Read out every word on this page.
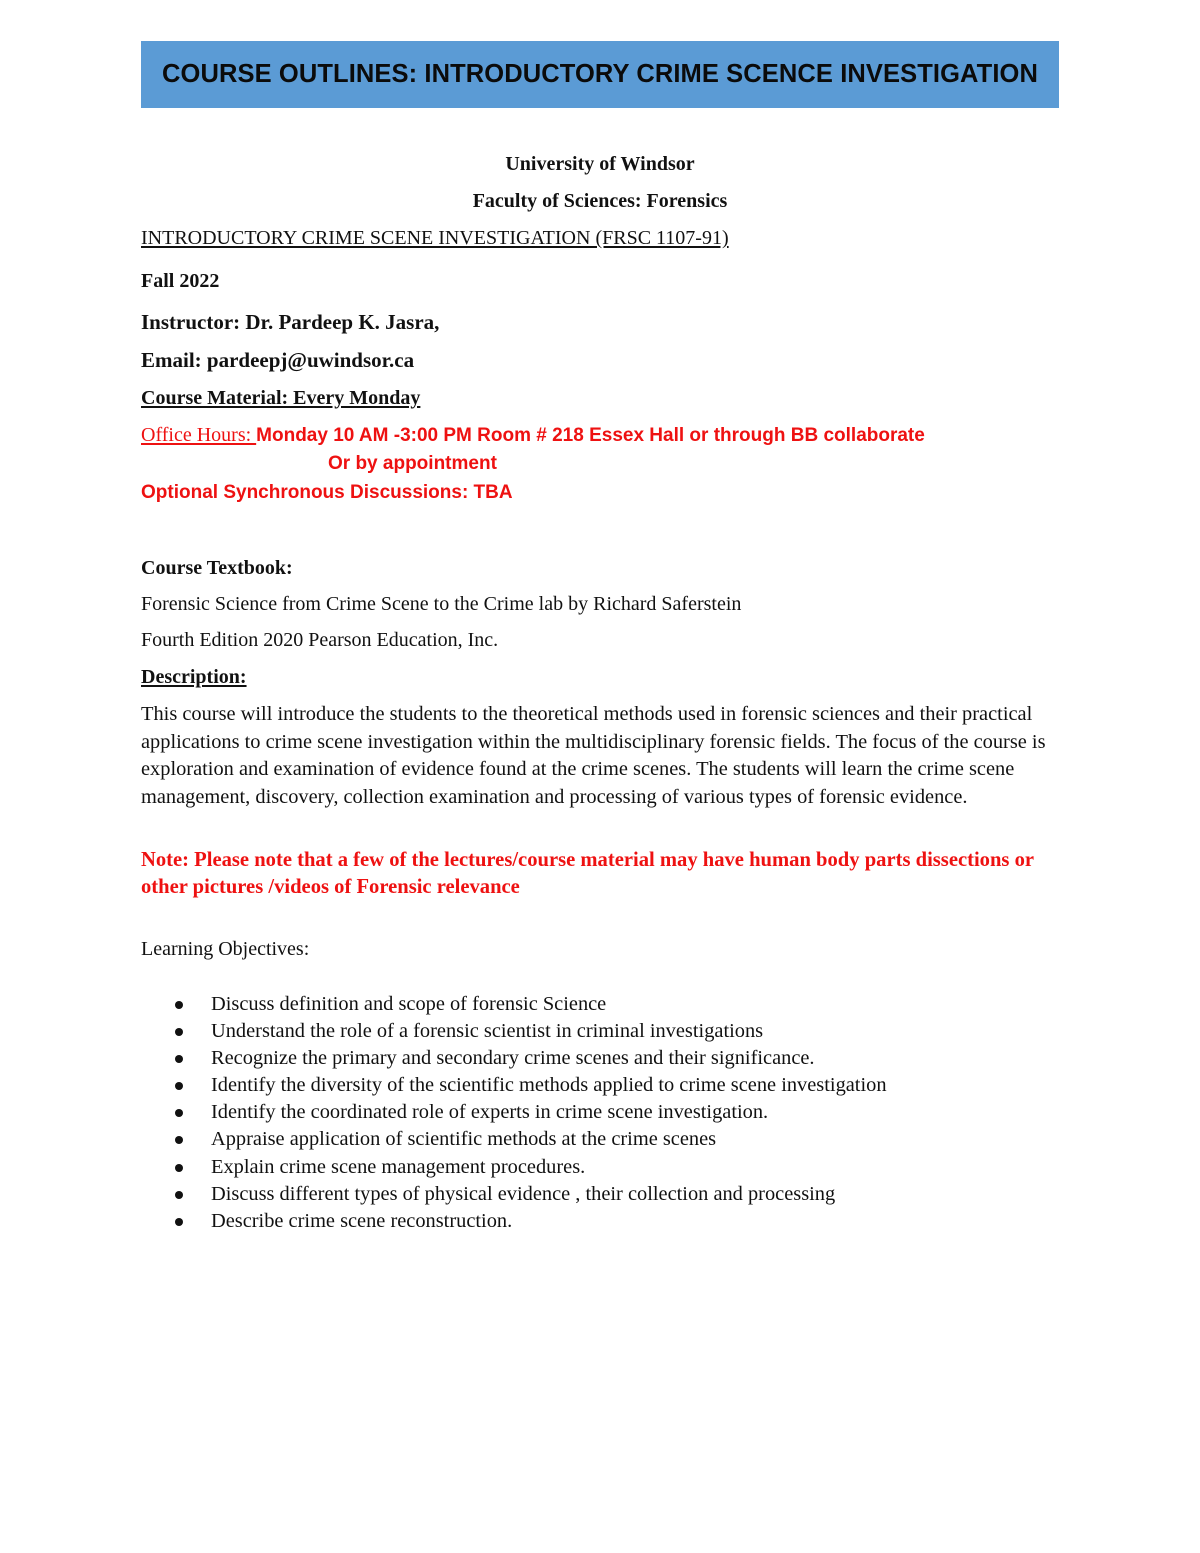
COURSE OUTLINES: INTRODUCTORY CRIME SCENCE INVESTIGATION
University of Windsor
Faculty of Sciences: Forensics
INTRODUCTORY CRIME SCENE INVESTIGATION (FRSC 1107-91)
Fall 2022
Instructor: Dr. Pardeep K. Jasra,
Email: pardeepj@uwindsor.ca
Course Material: Every Monday
Office Hours: Monday 10 AM -3:00 PM Room # 218 Essex Hall or through BB collaborate
Or by appointment
Optional Synchronous Discussions: TBA
Course Textbook:
Forensic Science from Crime Scene to the Crime lab by Richard Saferstein
Fourth Edition 2020 Pearson Education, Inc.
Description:
This course will introduce the students to the theoretical methods used in forensic sciences and their practical applications to crime scene investigation within the multidisciplinary forensic fields. The focus of the course is exploration and examination of evidence found at the crime scenes. The students will learn the crime scene management, discovery, collection examination and processing of various types of forensic evidence.
Note: Please note that a few of the lectures/course material may have human body parts dissections or other pictures /videos of Forensic relevance
Learning Objectives:
Discuss definition and scope of forensic Science
Understand the role of a forensic scientist in criminal investigations
Recognize the primary and secondary crime scenes and their significance.
Identify the diversity of the scientific methods applied to crime scene investigation
Identify the coordinated role of experts in crime scene investigation.
Appraise application of scientific methods at the crime scenes
Explain crime scene management procedures.
Discuss different types of physical evidence , their collection and processing
Describe crime scene reconstruction.
